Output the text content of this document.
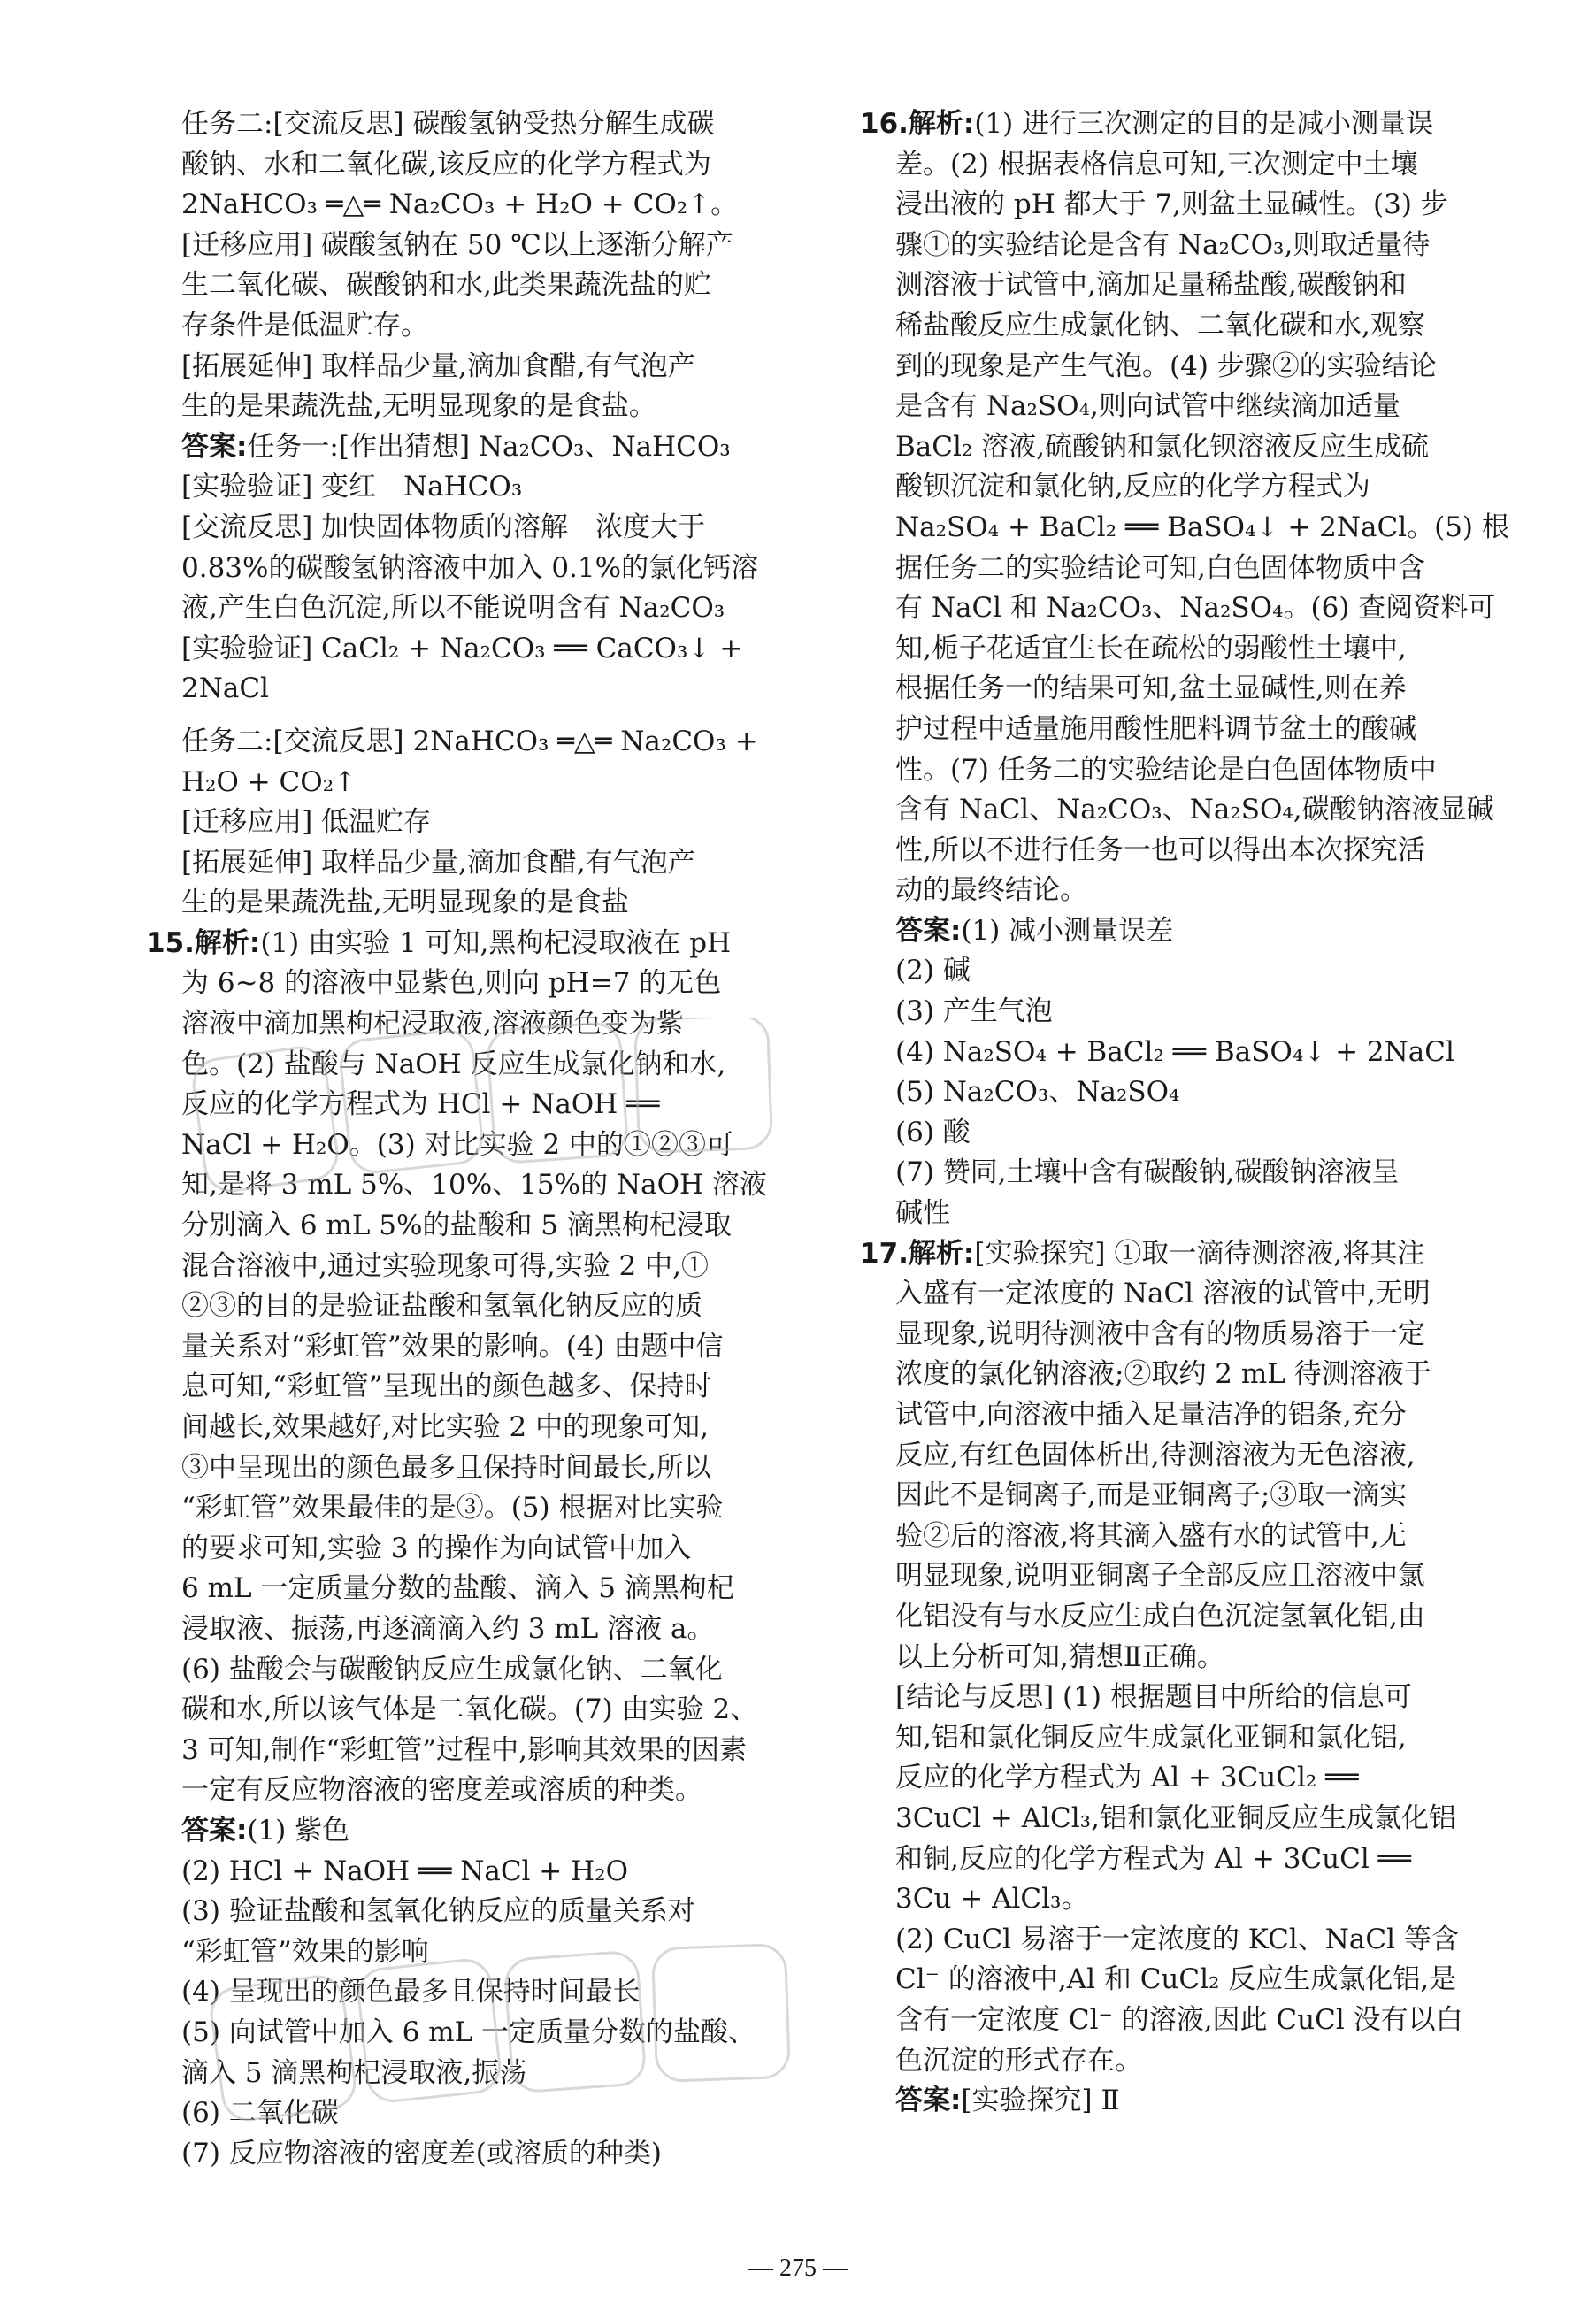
任务二:[交流反思] 碳酸氢钠受热分解生成碳
酸钠、水和二氧化碳,该反应的化学方程式为
2NaHCO₃ ═△═ Na₂CO₃ + H₂O + CO₂↑。
[迁移应用] 碳酸氢钠在 50 ℃以上逐渐分解产
生二氧化碳、碳酸钠和水,此类果蔬洗盐的贮
存条件是低温贮存。
[拓展延伸] 取样品少量,滴加食醋,有气泡产
生的是果蔬洗盐,无明显现象的是食盐。
答案:任务一:[作出猜想] Na₂CO₃、NaHCO₃
[实验验证] 变红　NaHCO₃
[交流反思] 加快固体物质的溶解　浓度大于
0.83%的碳酸氢钠溶液中加入 0.1%的氯化钙溶
液,产生白色沉淀,所以不能说明含有 Na₂CO₃
[实验验证] CaCl₂ + Na₂CO₃ ══ CaCO₃↓ +
2NaCl
任务二:[交流反思] 2NaHCO₃ ═△═ Na₂CO₃ +
H₂O + CO₂↑
[迁移应用] 低温贮存
[拓展延伸] 取样品少量,滴加食醋,有气泡产
生的是果蔬洗盐,无明显现象的是食盐
15.解析:(1) 由实验 1 可知,黑枸杞浸取液在 pH
为 6~8 的溶液中显紫色,则向 pH=7 的无色
溶液中滴加黑枸杞浸取液,溶液颜色变为紫
色。(2) 盐酸与 NaOH 反应生成氯化钠和水,
反应的化学方程式为 HCl + NaOH ══
NaCl + H₂O。(3) 对比实验 2 中的①②③可
知,是将 3 mL 5%、10%、15%的 NaOH 溶液
分别滴入 6 mL 5%的盐酸和 5 滴黑枸杞浸取
混合溶液中,通过实验现象可得,实验 2 中,①
②③的目的是验证盐酸和氢氧化钠反应的质
量关系对“彩虹管”效果的影响。(4) 由题中信
息可知,“彩虹管”呈现出的颜色越多、保持时
间越长,效果越好,对比实验 2 中的现象可知,
③中呈现出的颜色最多且保持时间最长,所以
“彩虹管”效果最佳的是③。(5) 根据对比实验
的要求可知,实验 3 的操作为向试管中加入
6 mL 一定质量分数的盐酸、滴入 5 滴黑枸杞
浸取液、振荡,再逐滴滴入约 3 mL 溶液 a。
(6) 盐酸会与碳酸钠反应生成氯化钠、二氧化
碳和水,所以该气体是二氧化碳。(7) 由实验 2、
3 可知,制作“彩虹管”过程中,影响其效果的因素
一定有反应物溶液的密度差或溶质的种类。
答案:(1) 紫色
(2) HCl + NaOH ══ NaCl + H₂O
(3) 验证盐酸和氢氧化钠反应的质量关系对
“彩虹管”效果的影响
(4) 呈现出的颜色最多且保持时间最长
(5) 向试管中加入 6 mL 一定质量分数的盐酸、
滴入 5 滴黑枸杞浸取液,振荡
(6) 二氧化碳
(7) 反应物溶液的密度差(或溶质的种类)
16.解析:(1) 进行三次测定的目的是减小测量误
差。(2) 根据表格信息可知,三次测定中土壤
浸出液的 pH 都大于 7,则盆土显碱性。(3) 步
骤①的实验结论是含有 Na₂CO₃,则取适量待
测溶液于试管中,滴加足量稀盐酸,碳酸钠和
稀盐酸反应生成氯化钠、二氧化碳和水,观察
到的现象是产生气泡。(4) 步骤②的实验结论
是含有 Na₂SO₄,则向试管中继续滴加适量
BaCl₂ 溶液,硫酸钠和氯化钡溶液反应生成硫
酸钡沉淀和氯化钠,反应的化学方程式为
Na₂SO₄ + BaCl₂ ══ BaSO₄↓ + 2NaCl。(5) 根
据任务二的实验结论可知,白色固体物质中含
有 NaCl 和 Na₂CO₃、Na₂SO₄。(6) 查阅资料可
知,栀子花适宜生长在疏松的弱酸性土壤中,
根据任务一的结果可知,盆土显碱性,则在养
护过程中适量施用酸性肥料调节盆土的酸碱
性。(7) 任务二的实验结论是白色固体物质中
含有 NaCl、Na₂CO₃、Na₂SO₄,碳酸钠溶液显碱
性,所以不进行任务一也可以得出本次探究活
动的最终结论。
答案:(1) 减小测量误差
(2) 碱
(3) 产生气泡
(4) Na₂SO₄ + BaCl₂ ══ BaSO₄↓ + 2NaCl
(5) Na₂CO₃、Na₂SO₄
(6) 酸
(7) 赞同,土壤中含有碳酸钠,碳酸钠溶液呈
碱性
17.解析:[实验探究] ①取一滴待测溶液,将其注
入盛有一定浓度的 NaCl 溶液的试管中,无明
显现象,说明待测液中含有的物质易溶于一定
浓度的氯化钠溶液;②取约 2 mL 待测溶液于
试管中,向溶液中插入足量洁净的铝条,充分
反应,有红色固体析出,待测溶液为无色溶液,
因此不是铜离子,而是亚铜离子;③取一滴实
验②后的溶液,将其滴入盛有水的试管中,无
明显现象,说明亚铜离子全部反应且溶液中氯
化铝没有与水反应生成白色沉淀氢氧化铝,由
以上分析可知,猜想Ⅱ正确。
[结论与反思] (1) 根据题目中所给的信息可
知,铝和氯化铜反应生成氯化亚铜和氯化铝,
反应的化学方程式为 Al + 3CuCl₂ ══
3CuCl + AlCl₃,铝和氯化亚铜反应生成氯化铝
和铜,反应的化学方程式为 Al + 3CuCl ══
3Cu + AlCl₃。
(2) CuCl 易溶于一定浓度的 KCl、NaCl 等含
Cl⁻ 的溶液中,Al 和 CuCl₂ 反应生成氯化铝,是
含有一定浓度 Cl⁻ 的溶液,因此 CuCl 没有以白
色沉淀的形式存在。
答案:[实验探究] Ⅱ
— 275 —
